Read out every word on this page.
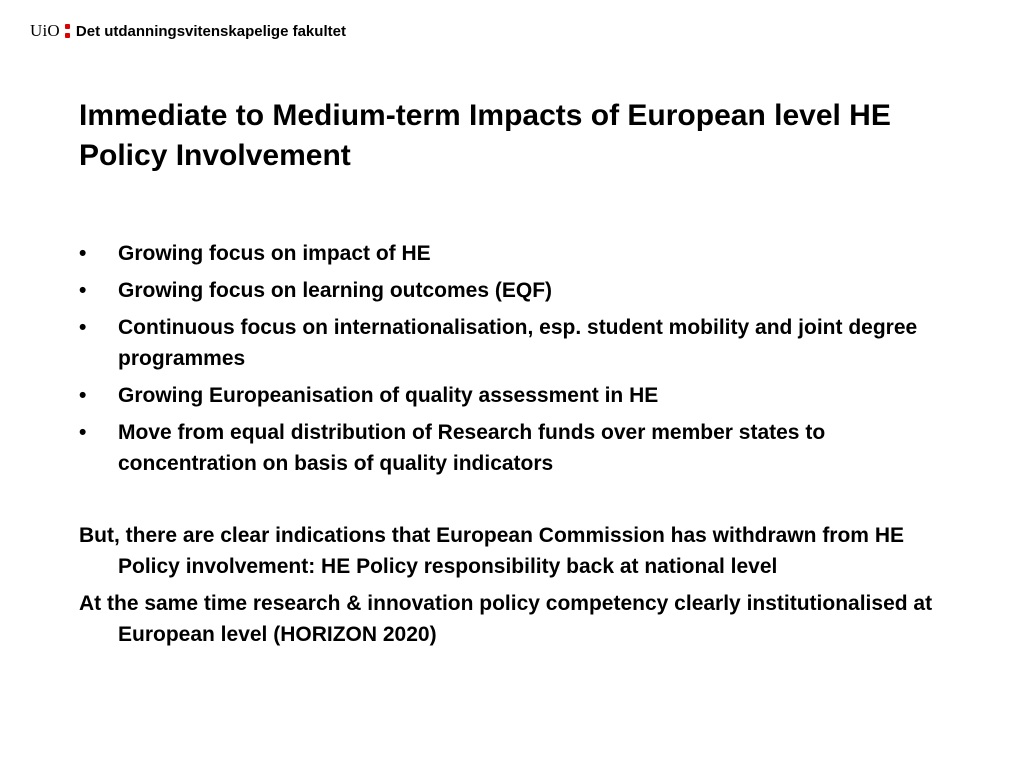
UiO Det utdanningsvitenskapelige fakultet
Immediate to Medium-term Impacts of European level HE Policy Involvement
• Growing focus on impact of HE
• Growing focus on learning outcomes (EQF)
• Continuous focus on internationalisation, esp. student mobility and joint degree programmes
• Growing Europeanisation of quality assessment in HE
• Move from equal distribution of Research funds over member states to concentration on basis of quality indicators

But, there are clear indications that European Commission has withdrawn from HE Policy involvement: HE Policy responsibility back at national level

At the same time research & innovation policy competency clearly institutionalised at European level (HORIZON 2020)
